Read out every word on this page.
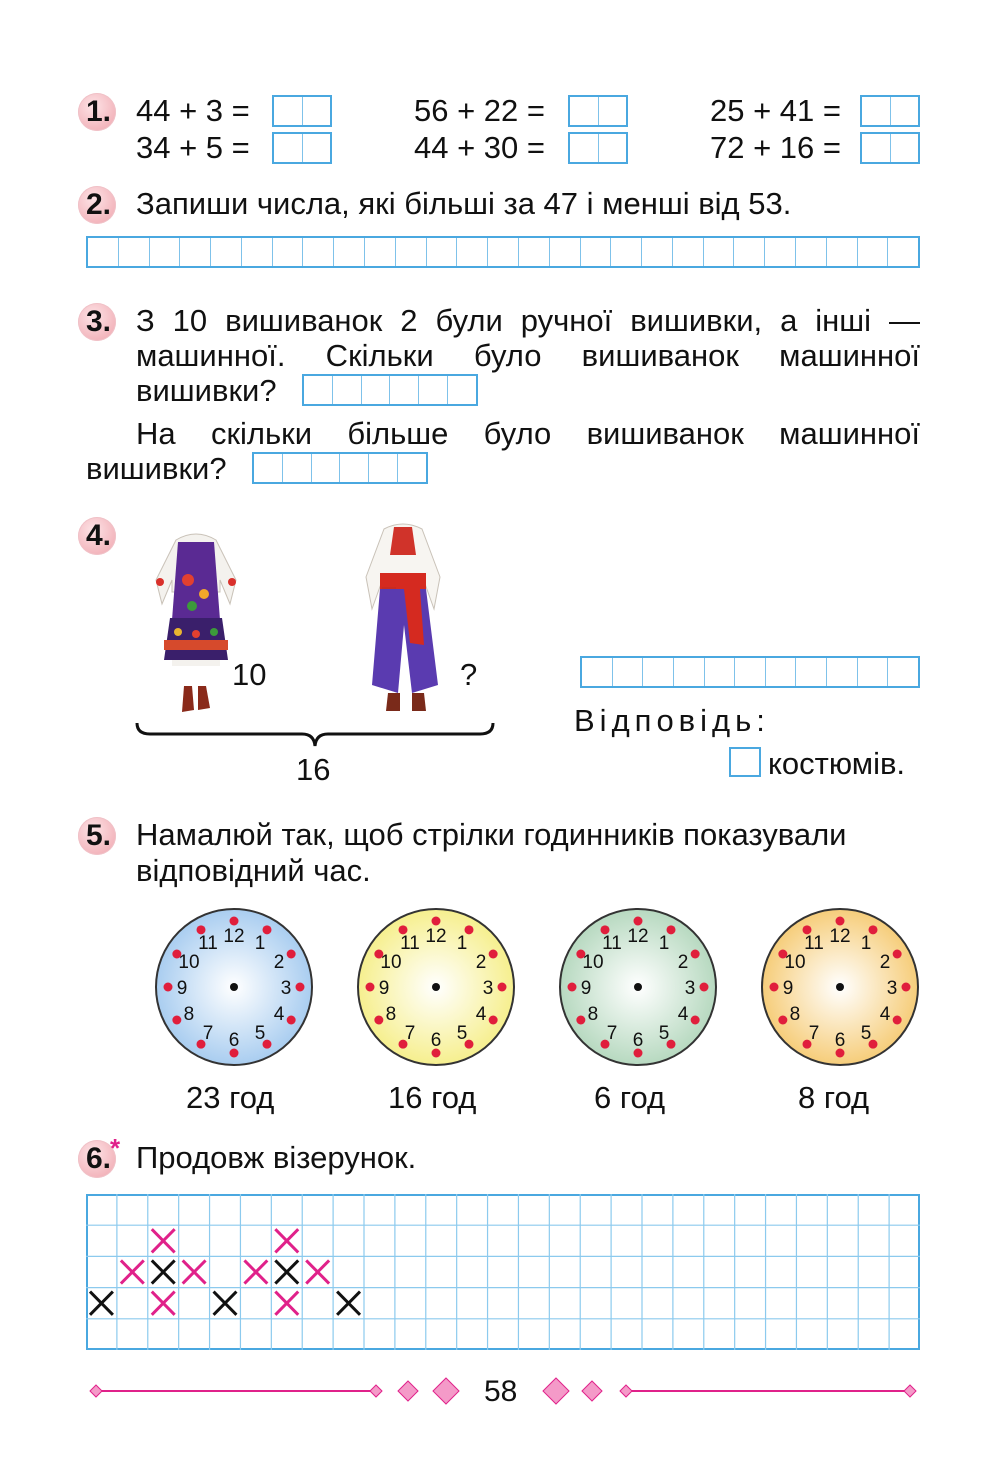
1. 44 + 3 =	56 + 22 =	25 + 41 =
34 + 5 =	44 + 30 =	72 + 16 =
2. Запиши числа, які більші за 47 і менші від 53.
3. З 10 вишиванок 2 були ручної вишивки, а інші —
машинної. Скільки було вишиванок машинної
вишивки?
На скільки більше було вишиванок машинної
вишивки?
4.
10	?
16
Відповідь:
костюмів.
5. Намалюй так, щоб стрілки годинників показували
відповідний час.
12 1
2
3
4
5
6
7
8
9
10
11	12 1
2
3
4
5
6
7
8
9
10
11	12 1
2
3
4
5
6
7
8
9
10
11	12 1
2
3
4
5
6
7
8
9
10
11
23 год	16 год	6 год	8 год
6.
* Продовж візерунок.
58
